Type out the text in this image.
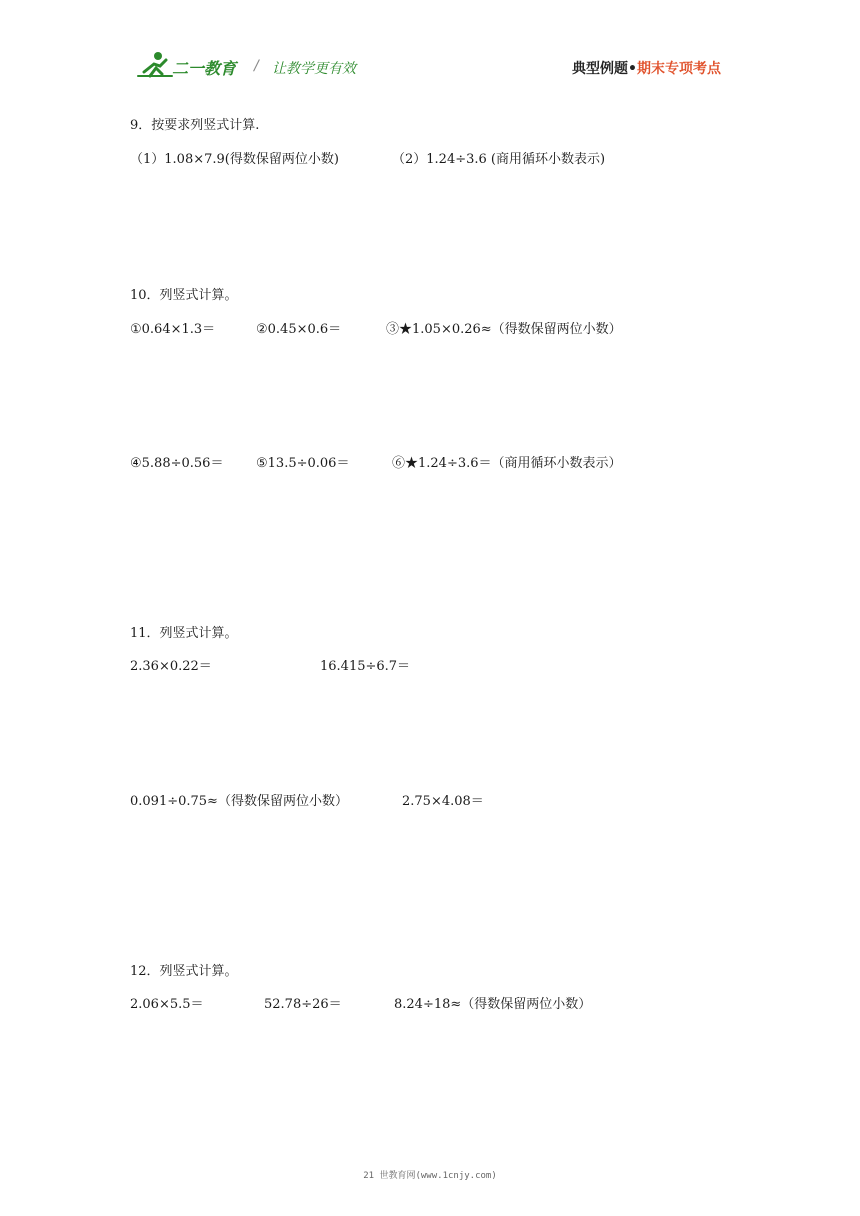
二一教育 / 让教学更有效	典型例题•期末专项考点
9．按要求列竖式计算.
（1）1.08×7.9(得数保留两位小数)	（2）1.24÷3.6 (商用循环小数表示)
10．列竖式计算。
①0.64×1.3＝	②0.45×0.6＝	③★1.05×0.26≈（得数保留两位小数）
④5.88÷0.56＝	⑤13.5÷0.06＝	⑥★1.24÷3.6＝（商用循环小数表示）
11．列竖式计算。
2.36×0.22＝	16.415÷6.7＝
0.091÷0.75≈（得数保留两位小数）	2.75×4.08＝
12．列竖式计算。
2.06×5.5＝	52.78÷26＝	8.24÷18≈（得数保留两位小数）
21 世教育网(www.1cnjy.com)
